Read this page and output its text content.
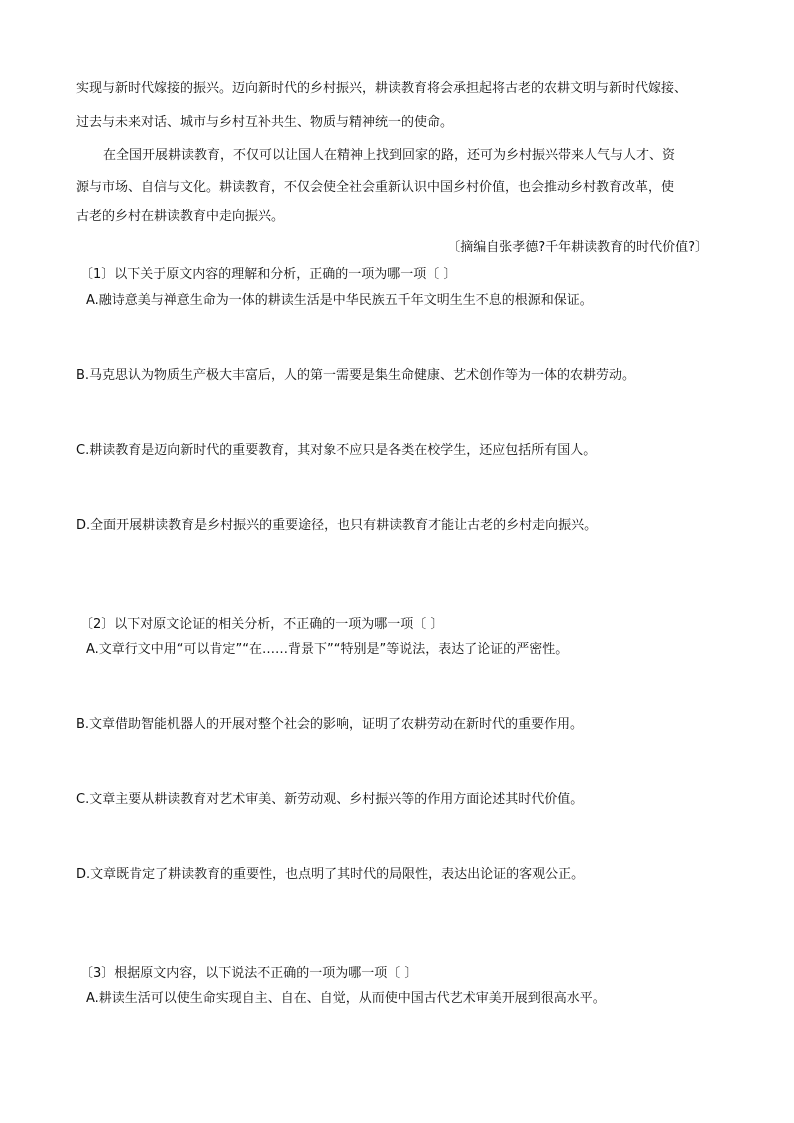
实现与新时代嫁接的振兴。迈向新时代的乡村振兴，耕读教育将会承担起将古老的农耕文明与新时代嫁接、
过去与未来对话、城市与乡村互补共生、物质与精神统一的使命。
在全国开展耕读教育，不仅可以让国人在精神上找到回家的路，还可为乡村振兴带来人气与人才、资
源与市场、自信与文化。耕读教育，不仅会使全社会重新认识中国乡村价值，也会推动乡村教育改革，使
古老的乡村在耕读教育中走向振兴。
〔摘编自张孝德?千年耕读教育的时代价值?〕
〔1〕以下关于原文内容的理解和分析，正确的一项为哪一项〔 〕
A.融诗意美与禅意生命为一体的耕读生活是中华民族五千年文明生生不息的根源和保证。
B.马克思认为物质生产极大丰富后，人的第一需要是集生命健康、艺术创作等为一体的农耕劳动。
C.耕读教育是迈向新时代的重要教育，其对象不应只是各类在校学生，还应包括所有国人。
D.全面开展耕读教育是乡村振兴的重要途径，也只有耕读教育才能让古老的乡村走向振兴。
〔2〕以下对原文论证的相关分析，不正确的一项为哪一项〔 〕
A.文章行文中用“可以肯定”“在……背景下”“特别是”等说法，表达了论证的严密性。
B.文章借助智能机器人的开展对整个社会的影响，证明了农耕劳动在新时代的重要作用。
C.文章主要从耕读教育对艺术审美、新劳动观、乡村振兴等的作用方面论述其时代价值。
D.文章既肯定了耕读教育的重要性，也点明了其时代的局限性，表达出论证的客观公正。
〔3〕根据原文内容，以下说法不正确的一项为哪一项〔 〕
A.耕读生活可以使生命实现自主、自在、自觉，从而使中国古代艺术审美开展到很高水平。
